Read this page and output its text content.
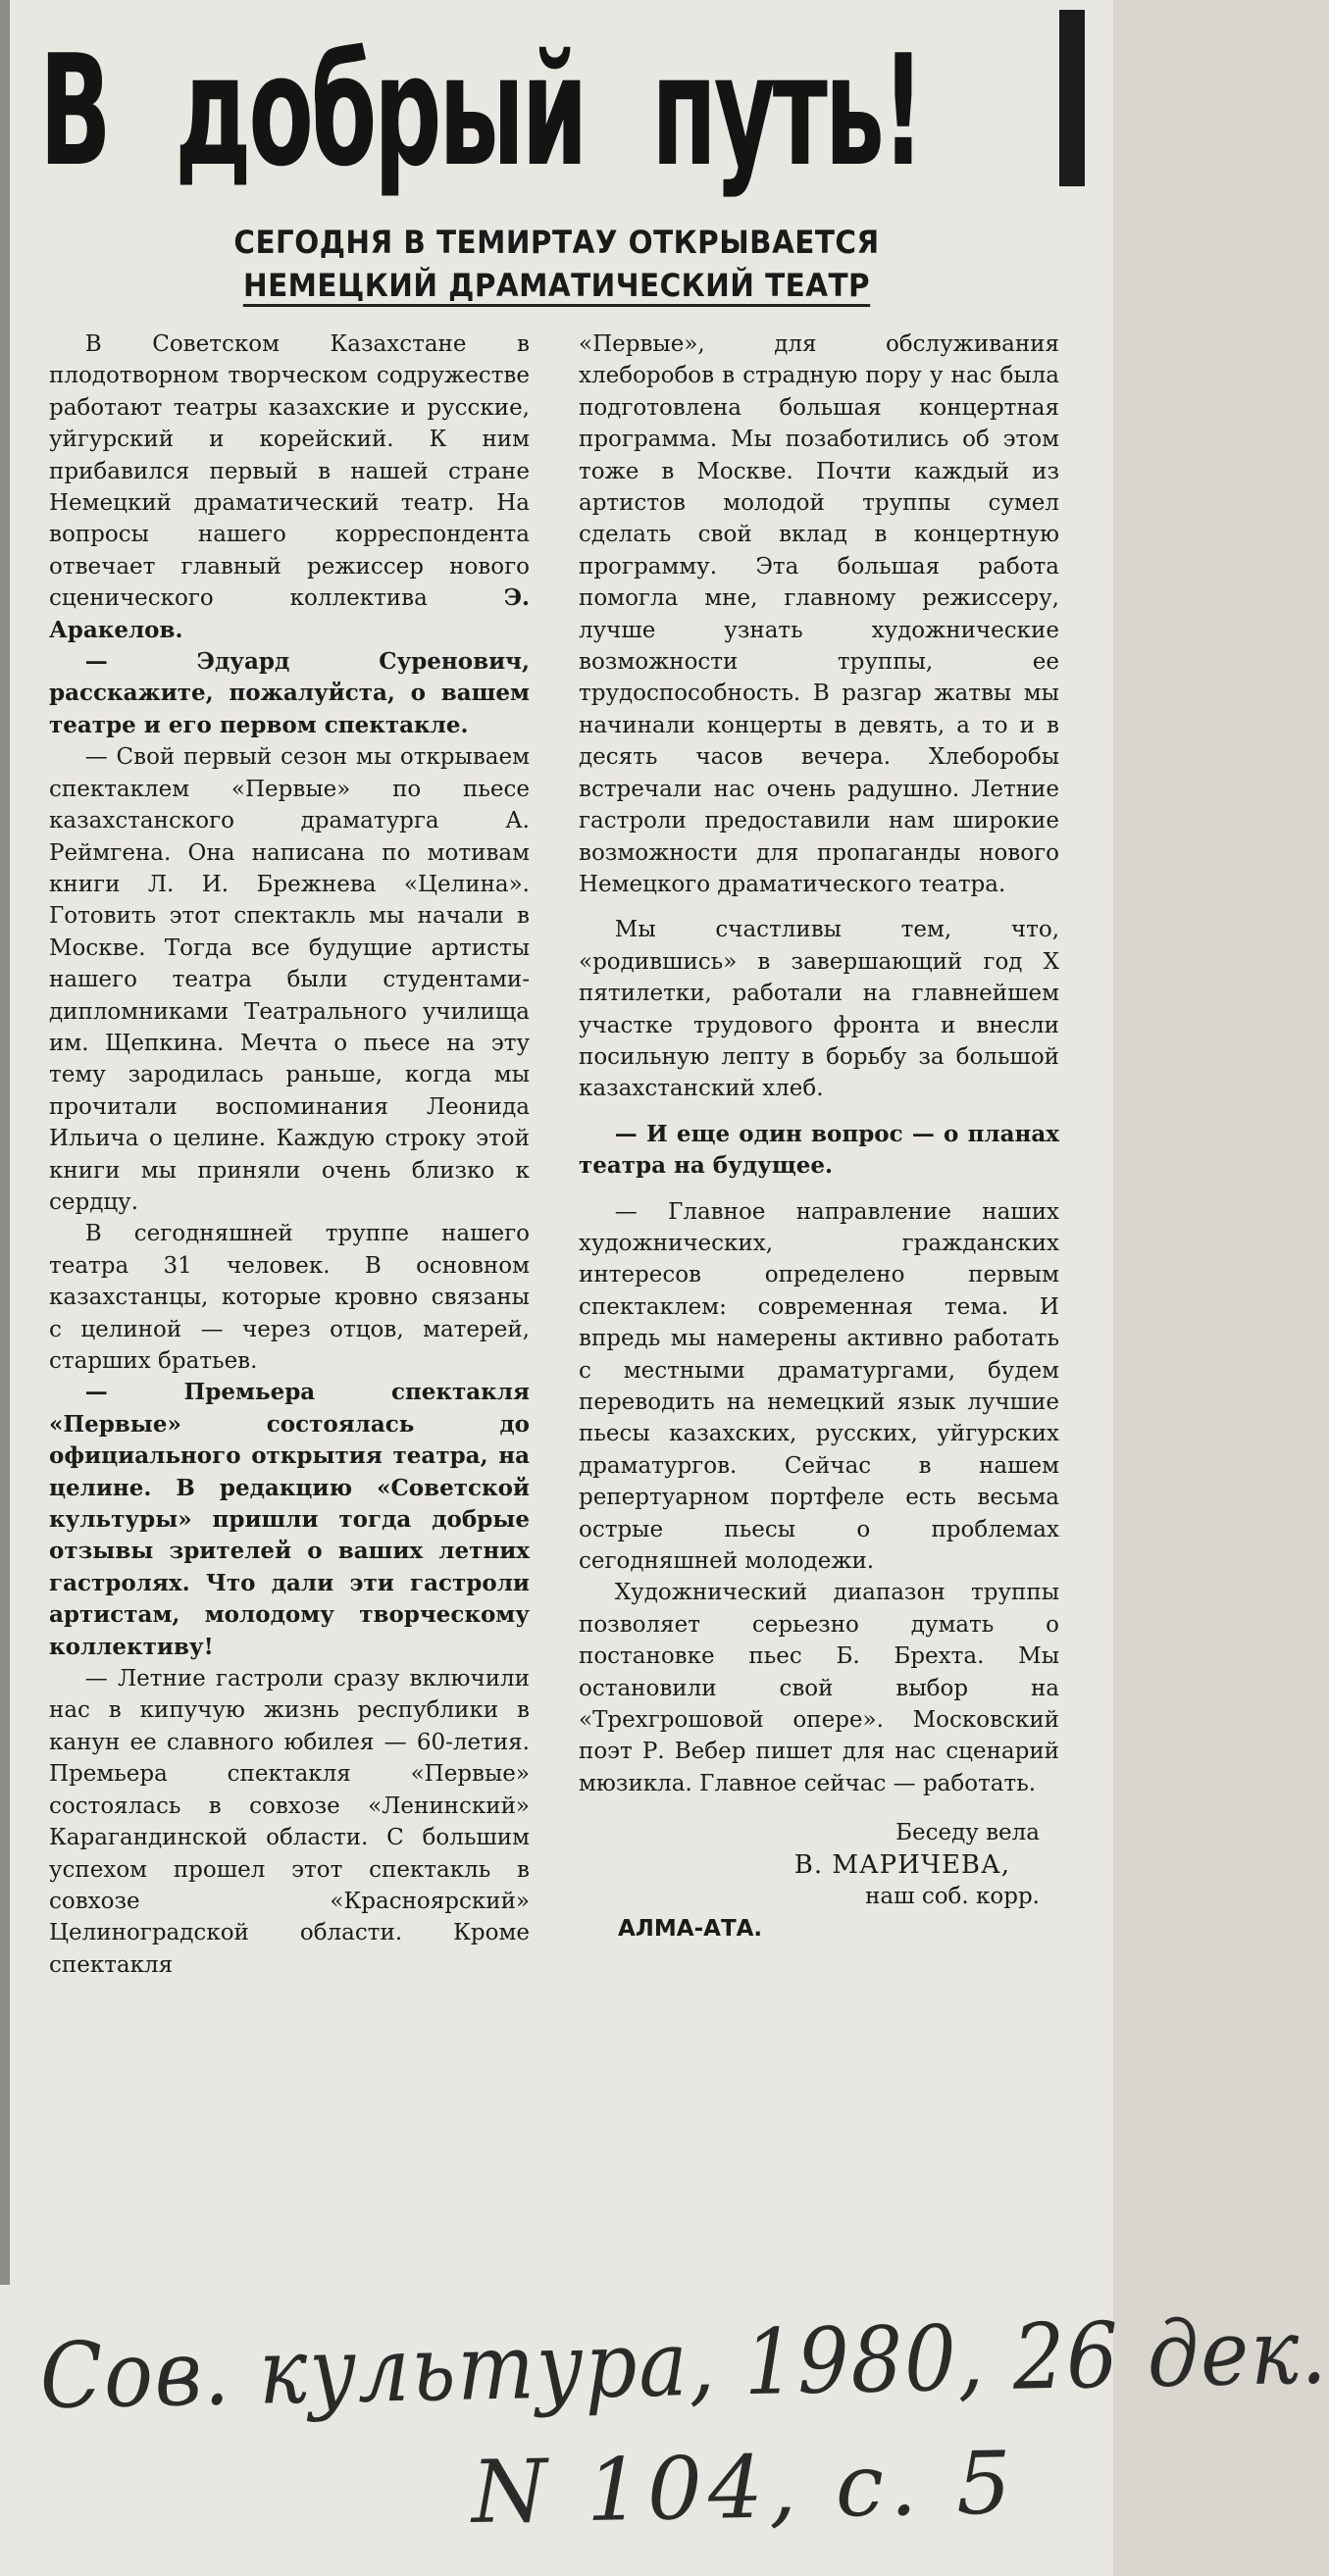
В добрый путь!
СЕГОДНЯ В ТЕМИРТАУ ОТКРЫВАЕТСЯ
НЕМЕЦКИЙ ДРАМАТИЧЕСКИЙ ТЕАТР

В Советском Казахстане в плодотворном творческом содружестве работают театры казахские и русские, уйгурский и корейский. К ним прибавился первый в нашей стране Немецкий драматический театр. На вопросы нашего корреспондента отвечает главный режиссер нового сценического коллектива	Э. Аракелов.

— Эдуард Суренович, расскажите, пожалуйста, о вашем театре и его первом спектакле.

— Свой первый сезон мы открываем спектаклем «Первые» по пьесе казахстанского драматурга А. Реймгена. Она написана по мотивам книги Л. И. Брежнева «Целина». Готовить этот спектакль мы начали в Москве. Тогда все будущие артисты нашего театра были студентами-дипломниками Театрального училища им. Щепкина. Мечта о пьесе на эту тему зародилась раньше, когда мы прочитали воспоминания Леонида Ильича о целине. Каждую строку этой книги мы приняли очень близко к сердцу.

В сегодняшней труппе нашего театра 31 человек. В основном казахстанцы, которые кровно связаны с целиной — через отцов, матерей, старших братьев.

— Премьера спектакля «Первые» состоялась до официального открытия театра, на целине. В редакцию «Советской культуры» пришли тогда добрые отзывы зрителей о ваших летних гастролях. Что дали эти гастроли артистам, молодому творческому коллективу!

— Летние гастроли сразу включили нас в кипучую жизнь республики в канун ее славного юбилея — 60-летия. Премьера спектакля «Первые» состоялась в совхозе «Ленинский» Карагандинской области. С большим успехом прошел этот спектакль в совхозе «Красноярский» Целиноградской области. Кроме спектакля

«Первые», для обслуживания хлеборобов в страдную пору у нас была подготовлена большая концертная программа. Мы позаботились об этом тоже в Москве. Почти каждый из артистов молодой труппы сумел сделать свой вклад в концертную программу. Эта большая работа помогла мне, главному режиссеру, лучше узнать художнические возможности труппы, ее трудоспособность. В разгар жатвы мы начинали концерты в девять, а то и в десять часов вечера. Хлеборобы встречали нас очень радушно. Летние гастроли предоставили нам широкие возможности для пропаганды нового Немецкого драматического театра.

Мы счастливы тем, что, «родившись» в завершающий год X пятилетки, работали на главнейшем участке трудового фронта и внесли посильную лепту в борьбу за большой казахстанский хлеб.

— И еще один вопрос — о планах театра на будущее.

— Главное направление наших художнических, гражданских интересов определено первым спектаклем: современная тема. И впредь мы намерены активно работать с местными драматургами, будем переводить на немецкий язык лучшие пьесы казахских, русских, уйгурских драматургов. Сейчас в нашем репертуарном портфеле есть весьма острые пьесы о проблемах сегодняшней молодежи.

Художнический диапазон труппы позволяет серьезно думать о постановке пьес Б. Брехта. Мы остановили свой выбор на «Трехгрошовой опере». Московский поэт Р. Вебер пишет для нас сценарий мюзикла. Главное сейчас — работать.

Беседу вела

В. МАРИЧЕВА,

наш соб. корр.

АЛМА-АТА.

Сов. культура, 1980, 26 дек.
N 104, с. 5
